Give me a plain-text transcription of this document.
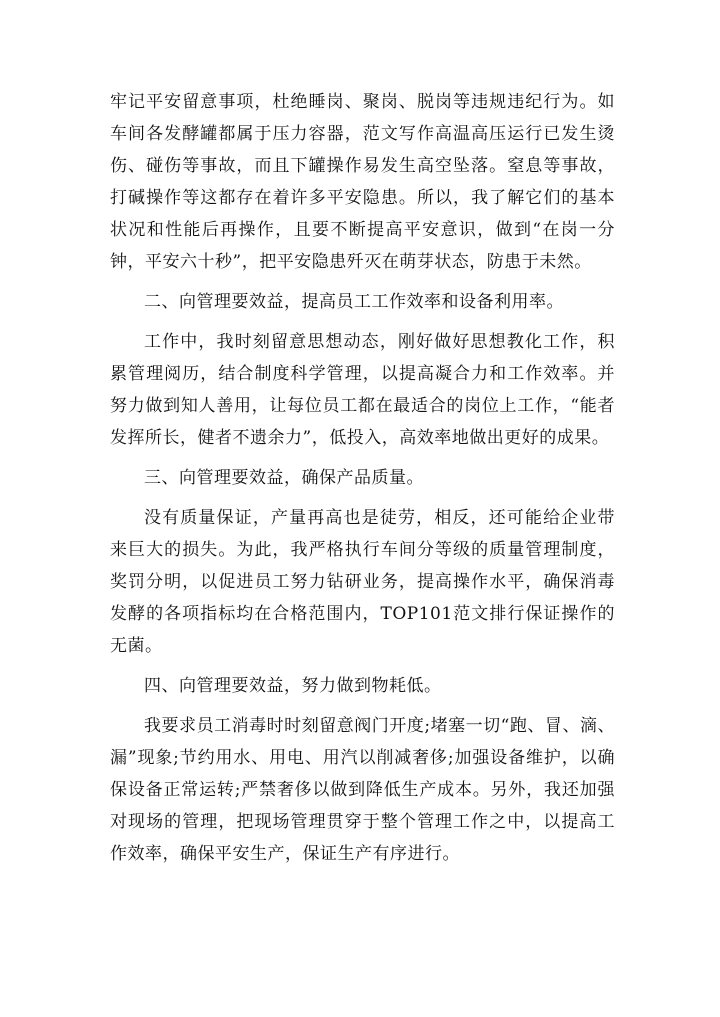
牢记平安留意事项，杜绝睡岗、聚岗、脱岗等违规违纪行为。如车间各发酵罐都属于压力容器，范文写作高温高压运行已发生烫伤、碰伤等事故，而且下罐操作易发生高空坠落。窒息等事故，打碱操作等这都存在着许多平安隐患。所以，我了解它们的基本状况和性能后再操作，且要不断提高平安意识，做到“在岗一分钟，平安六十秒”，把平安隐患歼灭在萌芽状态，防患于未然。

二、向管理要效益，提高员工工作效率和设备利用率。

工作中，我时刻留意思想动态，刚好做好思想教化工作，积累管理阅历，结合制度科学管理，以提高凝合力和工作效率。并努力做到知人善用，让每位员工都在最适合的岗位上工作，“能者发挥所长，健者不遗余力”，低投入，高效率地做出更好的成果。

三、向管理要效益，确保产品质量。

没有质量保证，产量再高也是徒劳，相反，还可能给企业带来巨大的损失。为此，我严格执行车间分等级的质量管理制度，奖罚分明，以促进员工努力钻研业务，提高操作水平，确保消毒发酵的各项指标均在合格范围内，TOP101范文排行保证操作的无菌。

四、向管理要效益，努力做到物耗低。

我要求员工消毒时时刻留意阀门开度;堵塞一切“跑、冒、滴、漏”现象;节约用水、用电、用汽以削减奢侈;加强设备维护，以确保设备正常运转;严禁奢侈以做到降低生产成本。另外，我还加强对现场的管理，把现场管理贯穿于整个管理工作之中，以提高工作效率，确保平安生产，保证生产有序进行。
